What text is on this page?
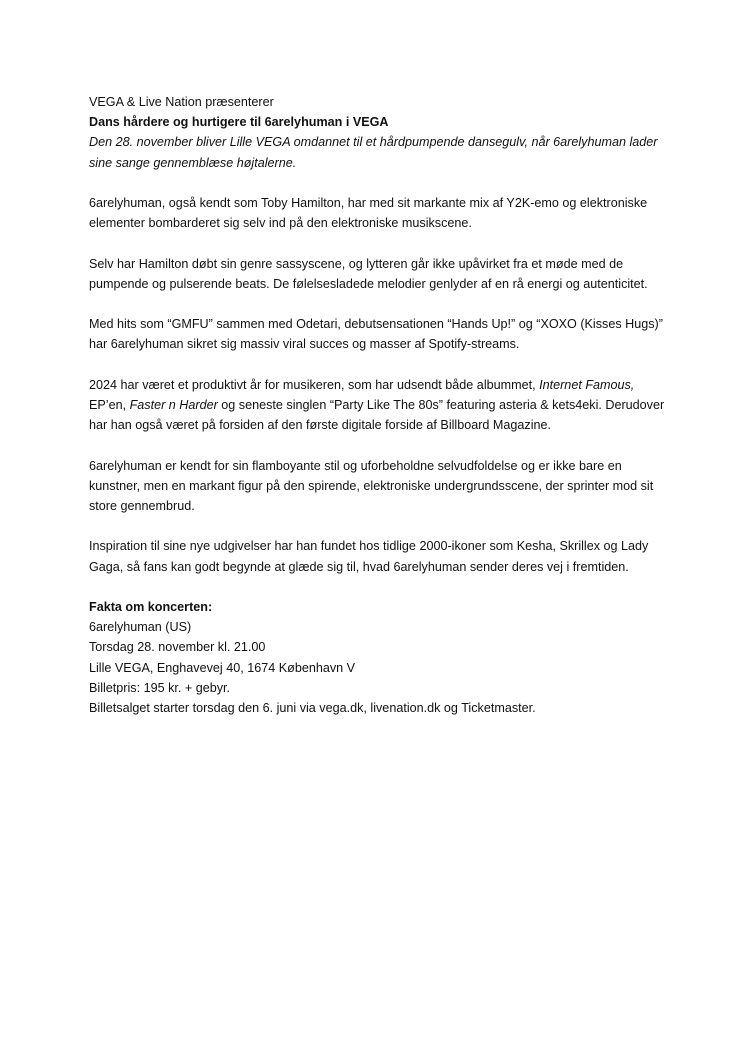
VEGA & Live Nation præsenterer

Dans hårdere og hurtigere til 6arelyhuman i VEGA

Den 28. november bliver Lille VEGA omdannet til et hårdpumpende dansegulv, når 6arelyhuman lader sine sange gennemblæse højtalerne.

6arelyhuman, også kendt som Toby Hamilton, har med sit markante mix af Y2K-emo og elektroniske elementer bombarderet sig selv ind på den elektroniske musikscene.

Selv har Hamilton døbt sin genre sassyscene, og lytteren går ikke upåvirket fra et møde med de pumpende og pulserende beats. De følelsesladede melodier genlyder af en rå energi og autenticitet.

Med hits som “GMFU” sammen med Odetari, debutsensationen “Hands Up!” og “XOXO (Kisses Hugs)” har 6arelyhuman sikret sig massiv viral succes og masser af Spotify-streams.

2024 har været et produktivt år for musikeren, som har udsendt både albummet, Internet Famous, EP’en, Faster n Harder og seneste singlen “Party Like The 80s” featuring asteria & kets4eki. Derudover har han også været på forsiden af den første digitale forside af Billboard Magazine.

6arelyhuman er kendt for sin flamboyante stil og uforbeholdne selvudfoldelse og er ikke bare en kunstner, men en markant figur på den spirende, elektroniske undergrundsscene, der sprinter mod sit store gennembrud.

Inspiration til sine nye udgivelser har han fundet hos tidlige 2000-ikoner som Kesha, Skrillex og Lady Gaga, så fans kan godt begynde at glæde sig til, hvad 6arelyhuman sender deres vej i fremtiden.

Fakta om koncerten:

6arelyhuman (US)

Torsdag 28. november kl. 21.00

Lille VEGA, Enghavevej 40, 1674 København V

Billetpris: 195 kr. + gebyr.

Billetsalget starter torsdag den 6. juni via vega.dk, livenation.dk og Ticketmaster.
